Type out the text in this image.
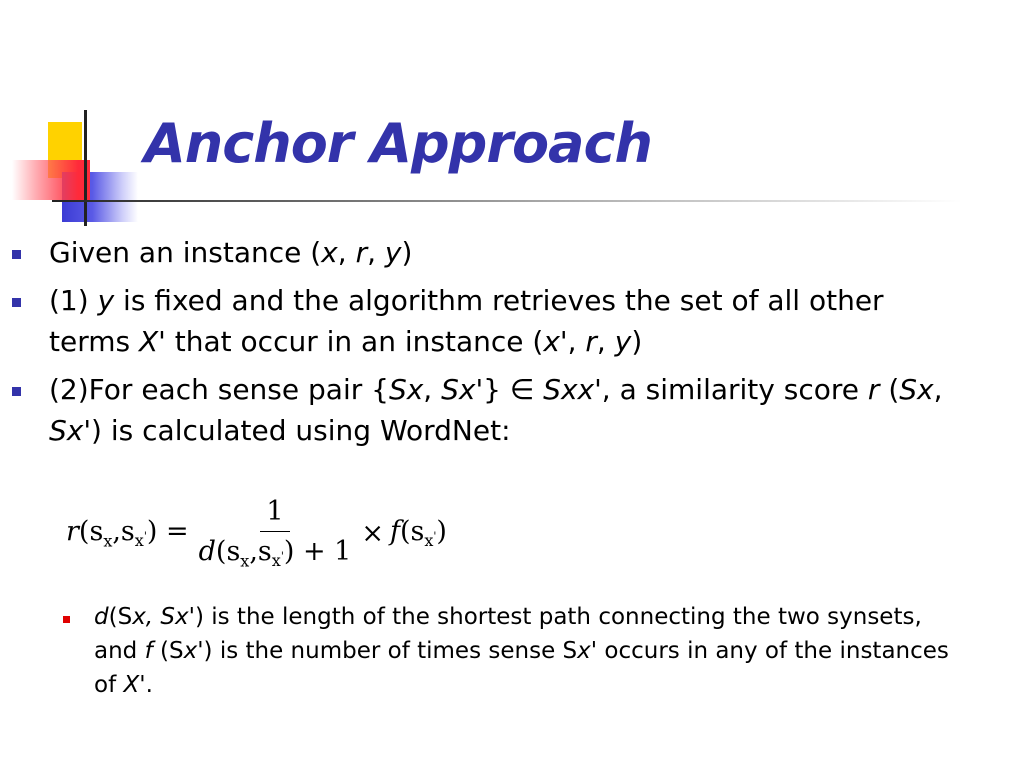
Anchor Approach
Given an instance (x, r, y)
(1) y is fixed and the algorithm retrieves the set of all other terms X' that occur in an instance (x', r, y)
(2)For each sense pair {Sx, Sx'} ∈ Sxx', a similarity score r (Sx, Sx') is calculated using WordNet:
$r(s_x,s_{x'}) = \frac{1}{d(s_x,s_{x'}) + 1} \times f(s_{x'})$
d(Sx, Sx') is the length of the shortest path connecting the two synsets, and f (Sx') is the number of times sense Sx' occurs in any of the instances of X'.
